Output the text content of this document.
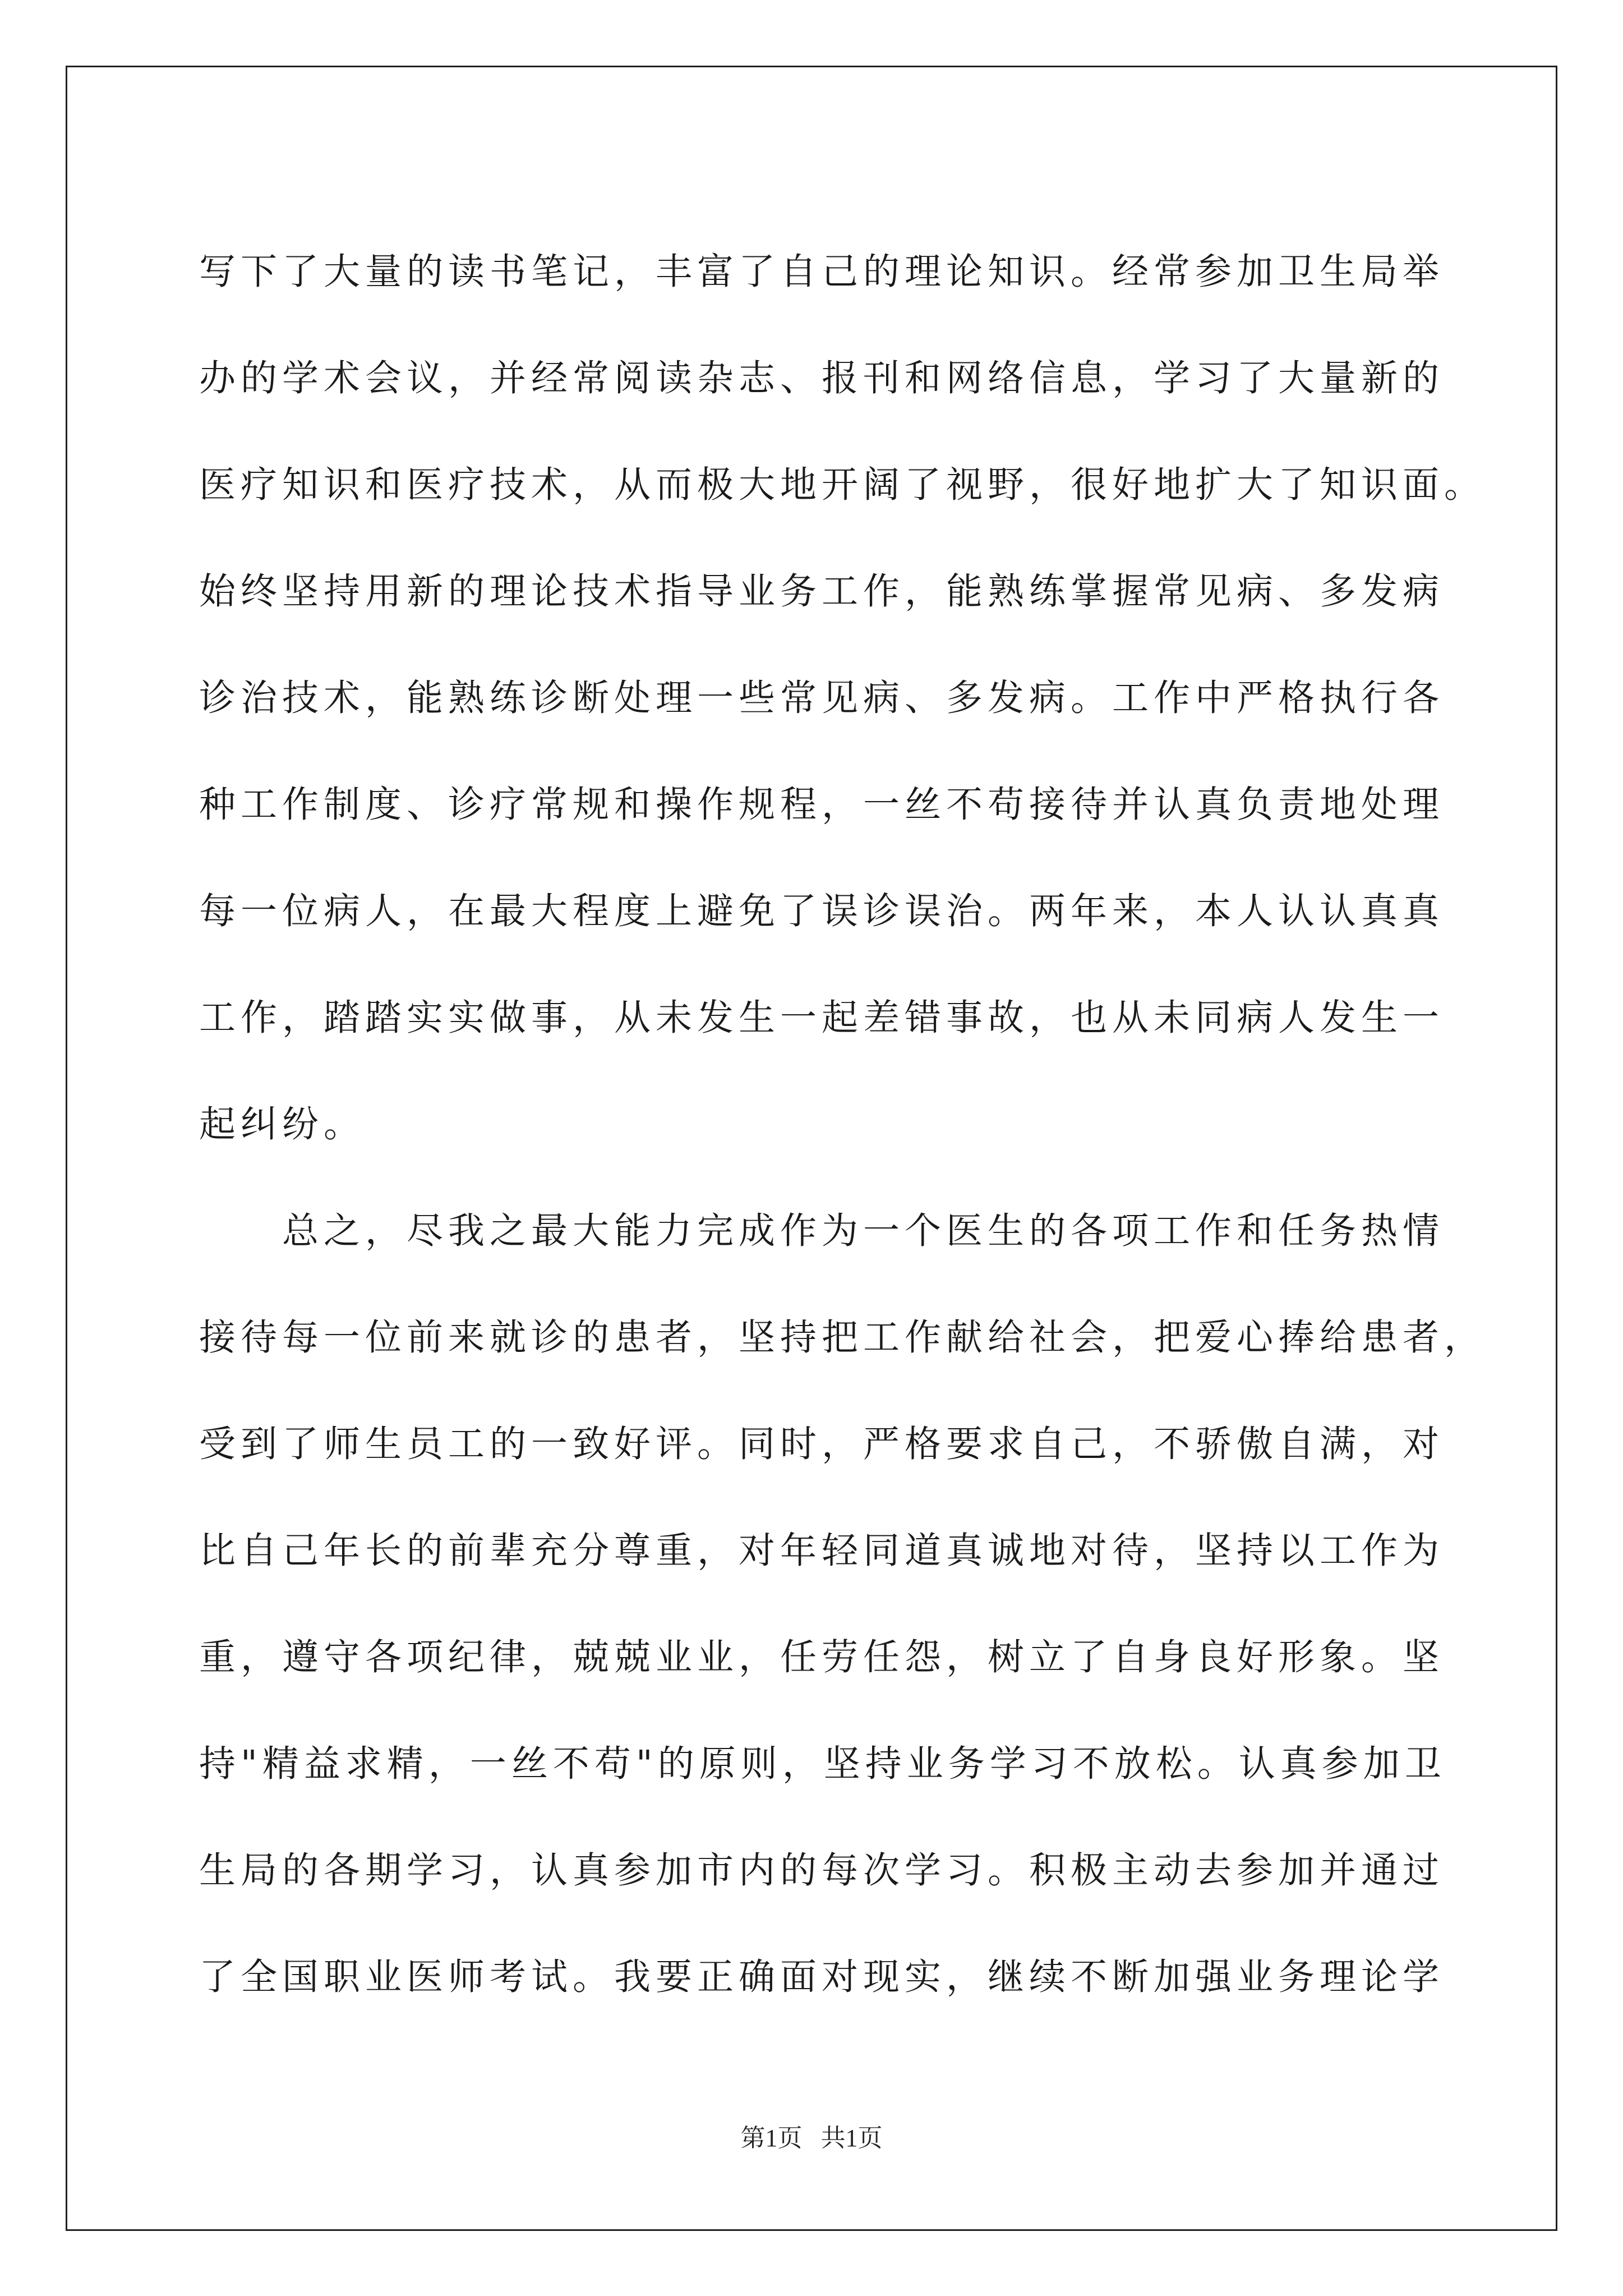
写下了大量的读书笔记，丰富了自己的理论知识。经常参加卫生局举
办的学术会议，并经常阅读杂志、报刊和网络信息，学习了大量新的
医疗知识和医疗技术，从而极大地开阔了视野，很好地扩大了知识面。
始终坚持用新的理论技术指导业务工作，能熟练掌握常见病、多发病
诊治技术，能熟练诊断处理一些常见病、多发病。工作中严格执行各
种工作制度、诊疗常规和操作规程，一丝不苟接待并认真负责地处理
每一位病人，在最大程度上避免了误诊误治。两年来，本人认认真真
工作，踏踏实实做事，从未发生一起差错事故，也从未同病人发生一
起纠纷。
总之，尽我之最大能力完成作为一个医生的各项工作和任务热情
接待每一位前来就诊的患者，坚持把工作献给社会，把爱心捧给患者，
受到了师生员工的一致好评。同时，严格要求自己，不骄傲自满，对
比自己年长的前辈充分尊重，对年轻同道真诚地对待，坚持以工作为
重，遵守各项纪律，兢兢业业，任劳任怨，树立了自身良好形象。坚
持"精益求精，一丝不苟"的原则，坚持业务学习不放松。认真参加卫
生局的各期学习，认真参加市内的每次学习。积极主动去参加并通过
了全国职业医师考试。我要正确面对现实，继续不断加强业务理论学
第1页   共1页
